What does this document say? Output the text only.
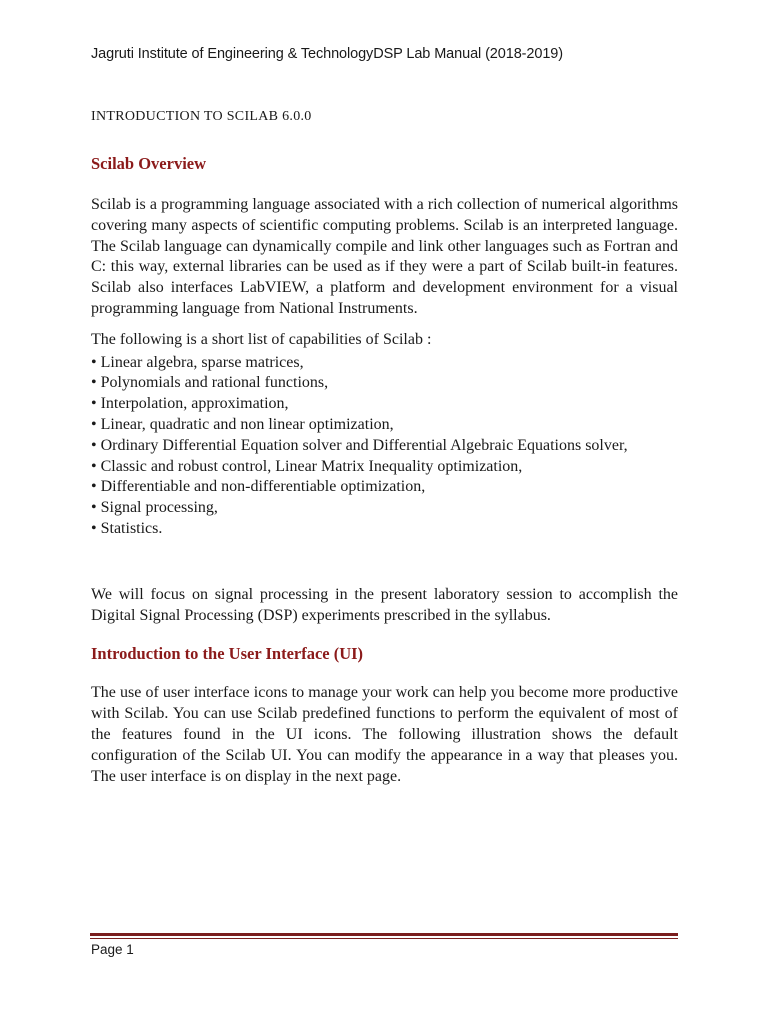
Jagruti Institute of Engineering & TechnologyDSP Lab Manual (2018-2019)
INTRODUCTION TO SCILAB 6.0.0
Scilab Overview

Scilab is a programming language associated with a rich collection of numerical algorithms covering many aspects of scientific computing problems. Scilab is an interpreted language. The Scilab language can dynamically compile and link other languages such as Fortran and C: this way, external libraries can be used as if they were a part of Scilab built-in features. Scilab also interfaces LabVIEW, a platform and development environment for a visual programming language from National Instruments.

The following is a short list of capabilities of Scilab :

• Linear algebra, sparse matrices,
• Polynomials and rational functions,
• Interpolation, approximation,
• Linear, quadratic and non linear optimization,
• Ordinary Differential Equation solver and Differential Algebraic Equations solver,
• Classic and robust control, Linear Matrix Inequality optimization,
• Differentiable and non-differentiable optimization,
• Signal processing,
• Statistics.

We will focus on signal processing in the present laboratory session to accomplish the Digital Signal Processing (DSP) experiments prescribed in the syllabus.

Introduction to the User Interface (UI)

The use of user interface icons to manage your work can help you become more productive with Scilab. You can use Scilab predefined functions to perform the equivalent of most of the features found in the UI icons. The following illustration shows the default configuration of the Scilab UI. You can modify the appearance in a way that pleases you. The user interface is on display in the next page.

Page 1
